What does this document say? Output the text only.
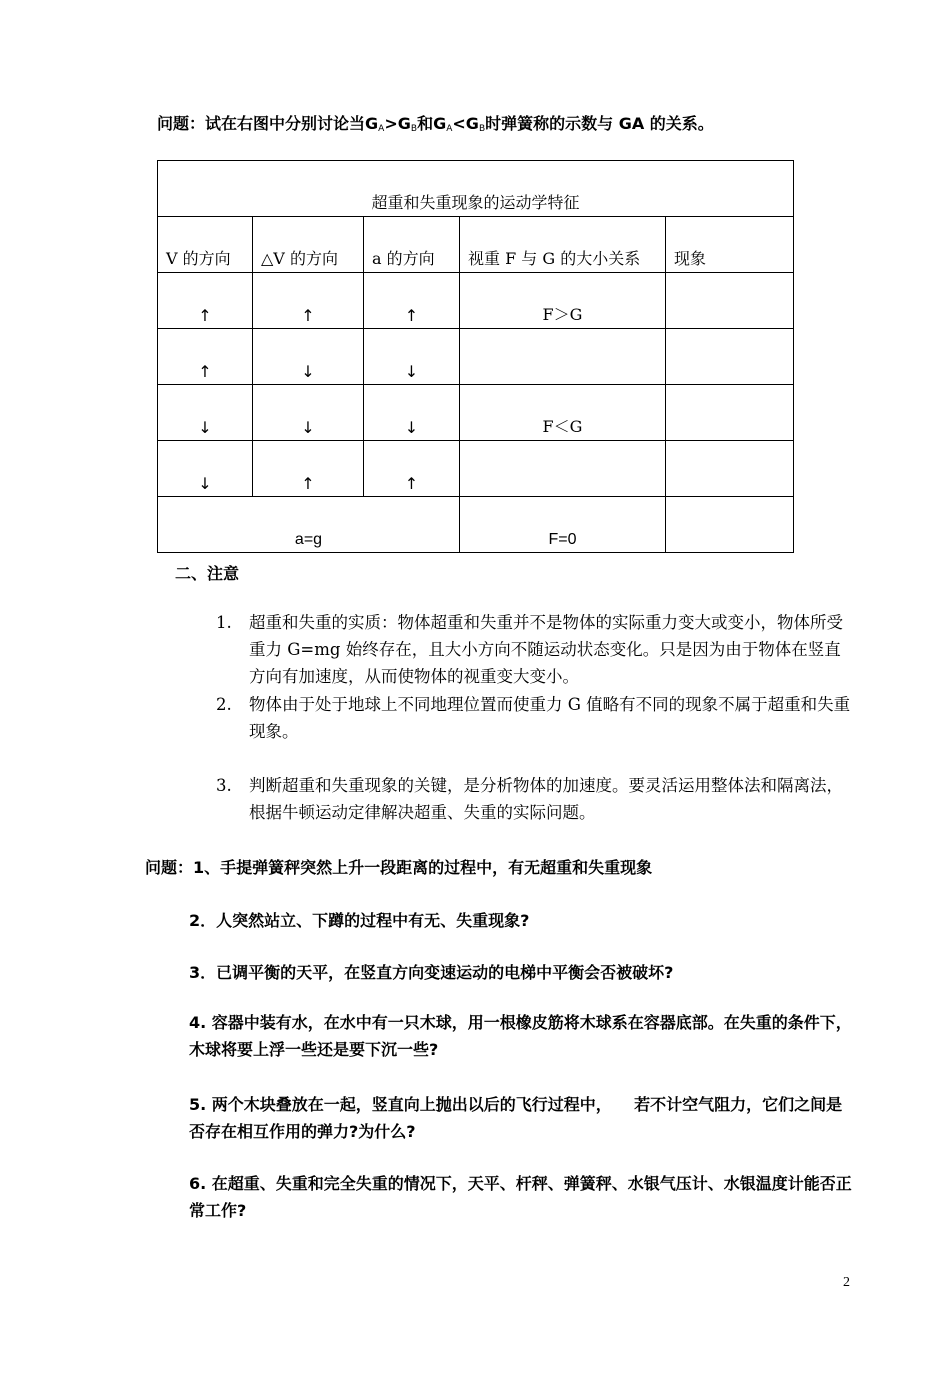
问题：试在右图中分别讨论当$G_A>G_B$和$G_A<G_B$时弹簧称的示数与 GA 的关系。
超重和失重现象的运动学特征				
V 的方向	△V 的方向	a 的方向	视重 F 与 G 的大小关系	现象
↑	↑	↑	F＞G	
↑	↓	↓		
↓	↓	↓	F＜G	
↓	↑	↑		
a=g			F=0	
二、注意
1.	超重和失重的实质：物体超重和失重并不是物体的实际重力变大或变小，物体所受重力 G=mg 始终存在，且大小方向不随运动状态变化。只是因为由于物体在竖直方向有加速度，从而使物体的视重变大变小。
2.	物体由于处于地球上不同地理位置而使重力 G 值略有不同的现象不属于超重和失重现象。
3.	判断超重和失重现象的关键，是分析物体的加速度。要灵活运用整体法和隔离法，根据牛顿运动定律解决超重、失重的实际问题。
问题：1、手提弹簧秤突然上升一段距离的过程中，有无超重和失重现象
2．人突然站立、下蹲的过程中有无、失重现象?
3．已调平衡的天平，在竖直方向变速运动的电梯中平衡会否被破坏?
4. 容器中装有水，在水中有一只木球，用一根橡皮筋将木球系在容器底部。在失重的条件下，木球将要上浮一些还是要下沉一些?
5. 两个木块叠放在一起，竖直向上抛出以后的飞行过程中， 若不计空气阻力，它们之间是否存在相互作用的弹力?为什么?
6. 在超重、失重和完全失重的情况下，天平、杆秤、弹簧秤、水银气压计、水银温度计能否正常工作?
2
